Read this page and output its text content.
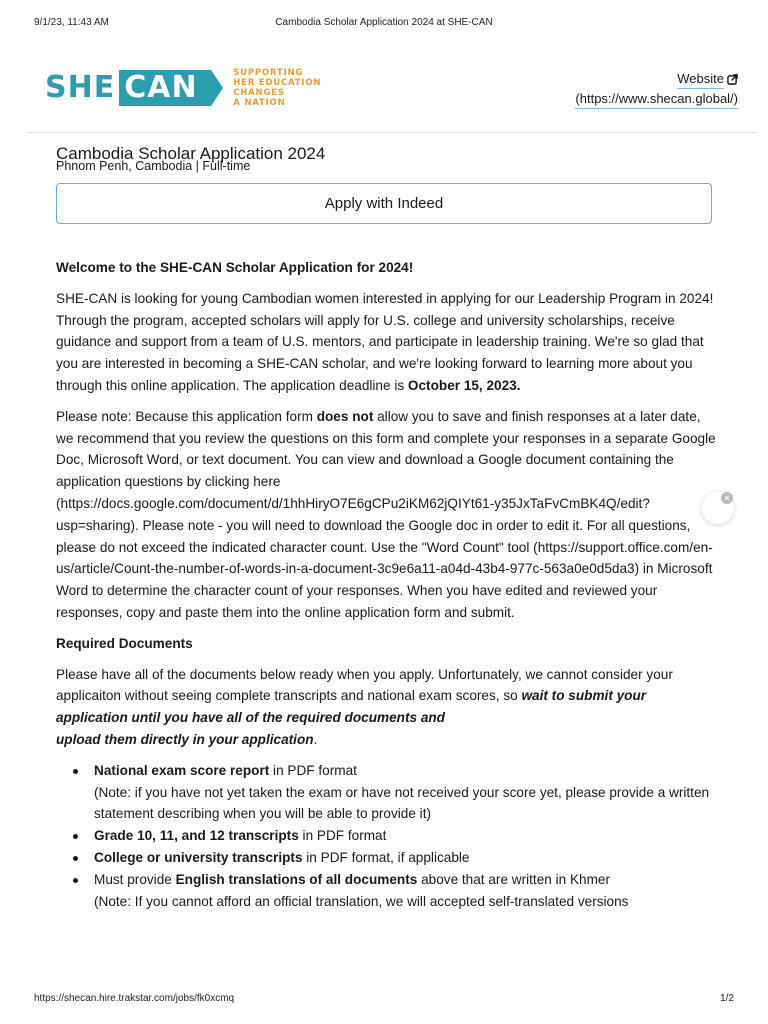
9/1/23, 11:43 AM	Cambodia Scholar Application 2024 at SHE-CAN
SHE CAN	SUPPORTING
HER EDUCATION
CHANGES
A NATION
Website
(https://www.shecan.global/)
Cambodia Scholar Application 2024
Phnom Penh, Cambodia | Full-time
Apply with Indeed

Welcome to the SHE-CAN Scholar Application for 2024!

SHE-CAN is looking for young Cambodian women interested in applying for our Leadership Program in 2024! Through the program, accepted scholars will apply for U.S. college and university scholarships, receive guidance and support from a team of U.S. mentors, and participate in leadership training. We're so glad that you are interested in becoming a SHE-CAN scholar, and we're looking forward to learning more about you through this online application. The application deadline is October 15, 2023.

Please note: Because this application form does not allow you to save and finish responses at a later date, we recommend that you review the questions on this form and complete your responses in a separate Google Doc, Microsoft Word, or text document. You can view and download a Google document containing the application questions by clicking here (https://docs.google.com/document/d/1hhHiryO7E6gCPu2iKM62jQIYt61-y35JxTaFvCmBK4Q/edit?usp=sharing). Please note - you will need to download the Google doc in order to edit it. For all questions, please do not exceed the indicated character count. Use the "Word Count" tool (https://support.office.com/en-us/article/Count-the-number-of-words-in-a-document-3c9e6a11-a04d-43b4-977c-563a0e0d5da3) in Microsoft Word to determine the character count of your responses. When you have edited and reviewed your responses, copy and paste them into the online application form and submit.

Required Documents

Please have all of the documents below ready when you apply. Unfortunately, we cannot consider your applicaiton without seeing complete transcripts and national exam scores, so wait to submit your application until you have all of the required documents and
upload them directly in your application.

National exam score report in PDF format
(Note: if you have not yet taken the exam or have not received your score yet, please provide a written statement describing when you will be able to provide it)
Grade 10, 11, and 12 transcripts in PDF format
College or university transcripts in PDF format, if applicable
Must provide English translations of all documents above that are written in Khmer
(Note: If you cannot afford an official translation, we will accepted self-translated versions
×
https://shecan.hire.trakstar.com/jobs/fk0xcmq	1/2
